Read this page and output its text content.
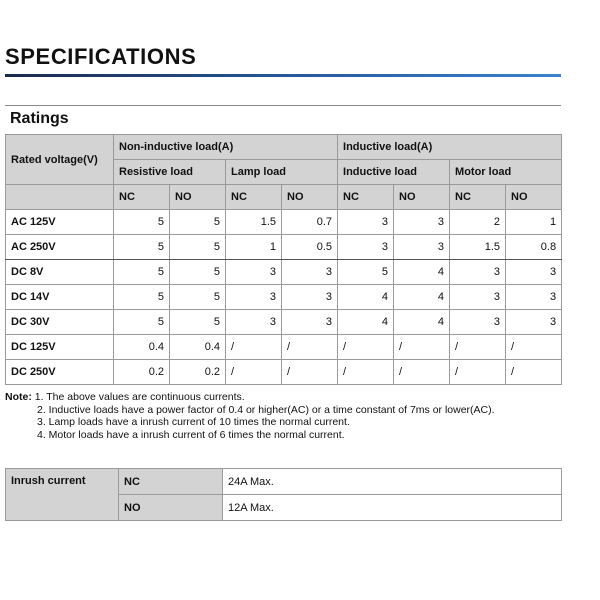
SPECIFICATIONS
Ratings
Rated voltage(V)	Non-inductive load(A)				Inductive load(A)			
	Resistive load		Lamp load		Inductive load		Motor load	
	NC	NO	NC	NO	NC	NO	NC	NO
AC 125V	5	5	1.5	0.7	3	3	2	1
AC 250V	5	5	1	0.5	3	3	1.5	0.8
DC 8V	5	5	3	3	5	4	3	3
DC 14V	5	5	3	3	4	4	3	3
DC 30V	5	5	3	3	4	4	3	3
DC 125V	0.4	0.4	/	/	/	/	/	/
DC 250V	0.2	0.2	/	/	/	/	/	/
Note: 1. The above values are continuous currents.
2. Inductive loads have a power factor of 0.4 or higher(AC) or a time constant of 7ms or lower(AC).
3. Lamp loads have a inrush current of 10 times the normal current.
4. Motor loads have a inrush current of 6 times the normal current.
Inrush current	NC	24A Max.
	NO	12A Max.
